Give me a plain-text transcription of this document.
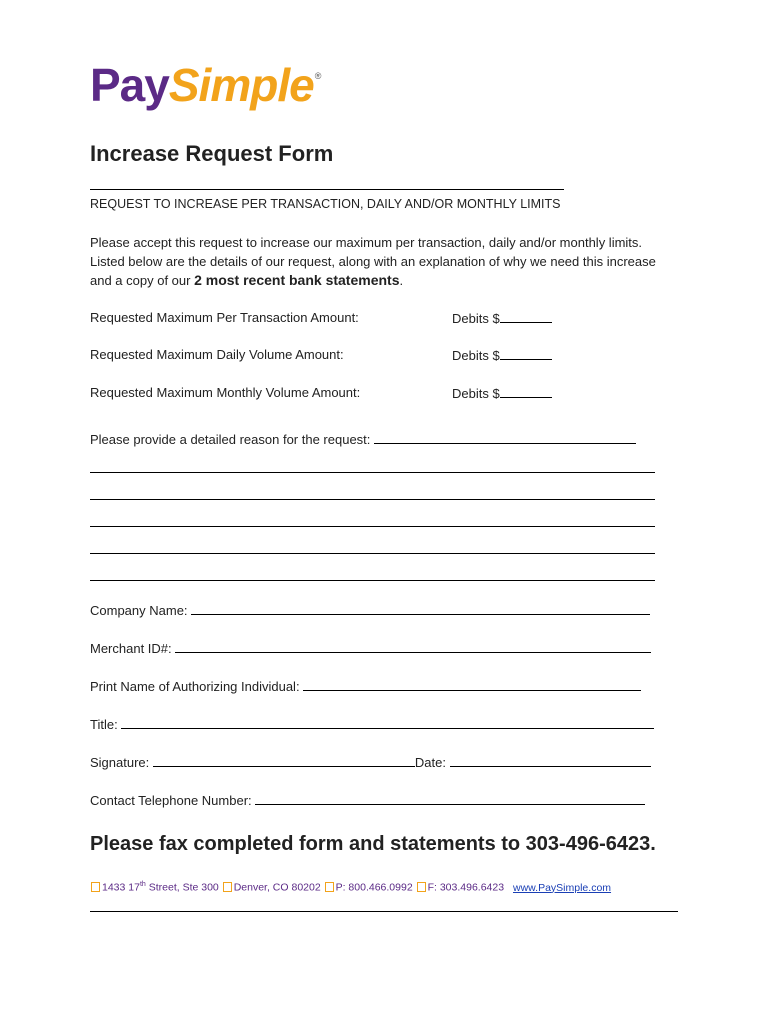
PaySimple®
Increase Request Form
REQUEST TO INCREASE PER TRANSACTION, DAILY AND/OR MONTHLY LIMITS
Please accept this request to increase our maximum per transaction, daily and/or monthly limits. Listed below are the details of our request, along with an explanation of why we need this increase and a copy of our 2 most recent bank statements.
Requested Maximum Per Transaction Amount:	Debits $
Requested Maximum Daily Volume Amount:	Debits $
Requested Maximum Monthly Volume Amount:	Debits $
Please provide a detailed reason for the request:
Company Name:
Merchant ID#:
Print Name of Authorizing Individual:
Title:
Signature:	Date:
Contact Telephone Number:
Please fax completed form and statements to 303-496-6423.
1433 17th Street, Ste 300 Denver, CO 80202 P: 800.466.0992 F: 303.496.6423 www.PaySimple.com
